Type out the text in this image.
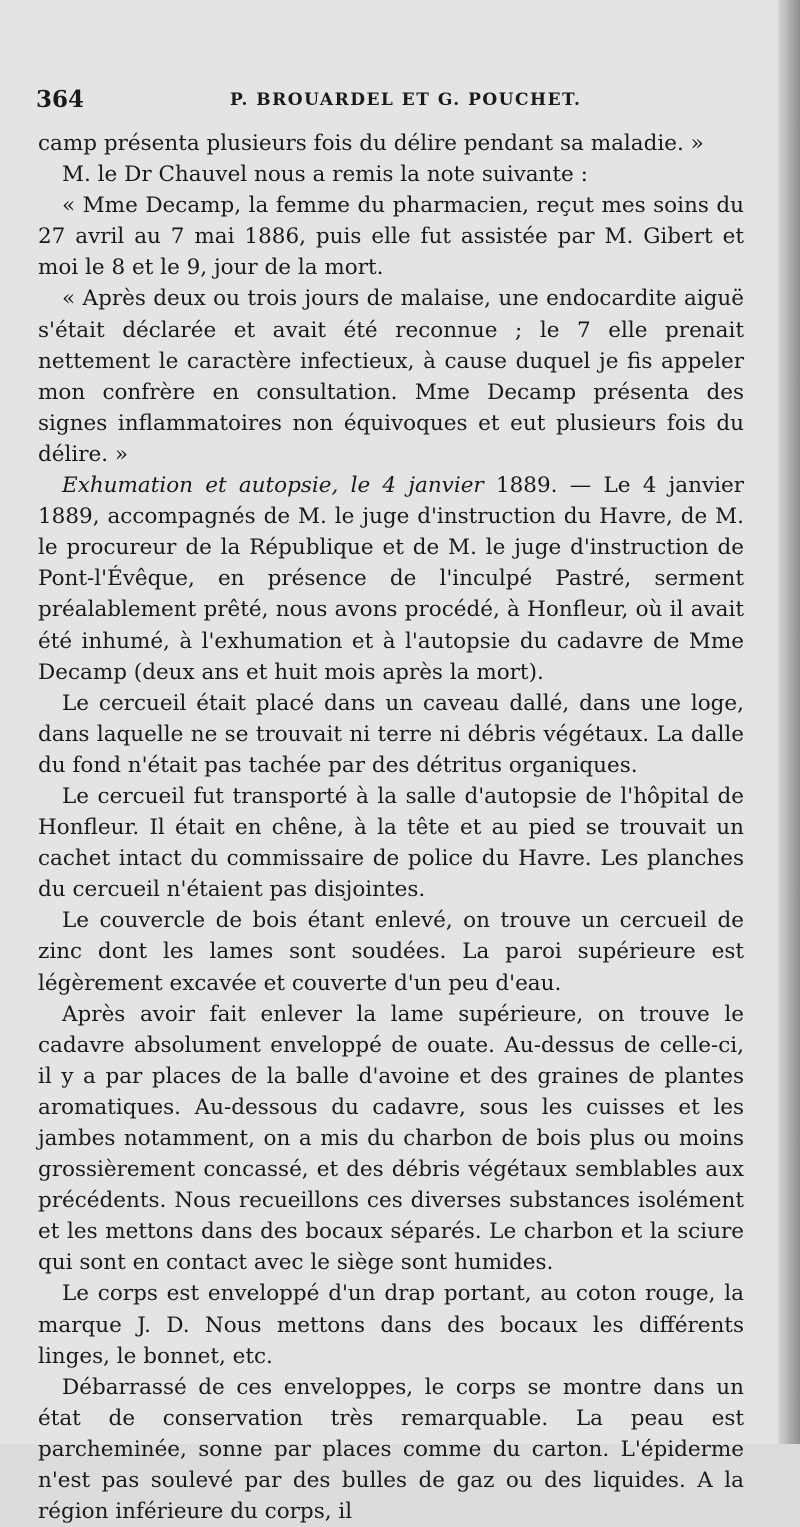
364	P. BROUARDEL ET G. POUCHET.

camp présenta plusieurs fois du délire pendant sa maladie. »

M. le Dr Chauvel nous a remis la note suivante :

« Mme Decamp, la femme du pharmacien, reçut mes soins du 27 avril au 7 mai 1886, puis elle fut assistée par M. Gibert et moi le 8 et le 9, jour de la mort.

« Après deux ou trois jours de malaise, une endocardite aiguë s'était déclarée et avait été reconnue ; le 7 elle prenait nettement le caractère infectieux, à cause duquel je fis appeler mon confrère en consultation. Mme Decamp présenta des signes inflammatoires non équivoques et eut plusieurs fois du délire. »

Exhumation et autopsie, le 4 janvier 1889. — Le 4 janvier 1889, accompagnés de M. le juge d'instruction du Havre, de M. le procureur de la République et de M. le juge d'instruction de Pont-l'Évêque, en présence de l'inculpé Pastré, serment préalablement prêté, nous avons procédé, à Honfleur, où il avait été inhumé, à l'exhumation et à l'autopsie du cadavre de Mme Decamp (deux ans et huit mois après la mort).

Le cercueil était placé dans un caveau dallé, dans une loge, dans laquelle ne se trouvait ni terre ni débris végétaux. La dalle du fond n'était pas tachée par des détritus organiques.

Le cercueil fut transporté à la salle d'autopsie de l'hôpital de Honfleur. Il était en chêne, à la tête et au pied se trouvait un cachet intact du commissaire de police du Havre. Les planches du cercueil n'étaient pas disjointes.

Le couvercle de bois étant enlevé, on trouve un cercueil de zinc dont les lames sont soudées. La paroi supérieure est légèrement excavée et couverte d'un peu d'eau.

Après avoir fait enlever la lame supérieure, on trouve le cadavre absolument enveloppé de ouate. Au-dessus de celle-ci, il y a par places de la balle d'avoine et des graines de plantes aromatiques. Au-dessous du cadavre, sous les cuisses et les jambes notamment, on a mis du charbon de bois plus ou moins grossièrement concassé, et des débris végétaux semblables aux précédents. Nous recueillons ces diverses substances isolément et les mettons dans des bocaux séparés. Le charbon et la sciure qui sont en contact avec le siège sont humides.

Le corps est enveloppé d'un drap portant, au coton rouge, la marque J. D. Nous mettons dans des bocaux les différents linges, le bonnet, etc.

Débarrassé de ces enveloppes, le corps se montre dans un état de conservation très remarquable. La peau est parcheminée, sonne par places comme du carton. L'épiderme n'est pas soulevé par des bulles de gaz ou des liquides. A la région inférieure du corps, il
